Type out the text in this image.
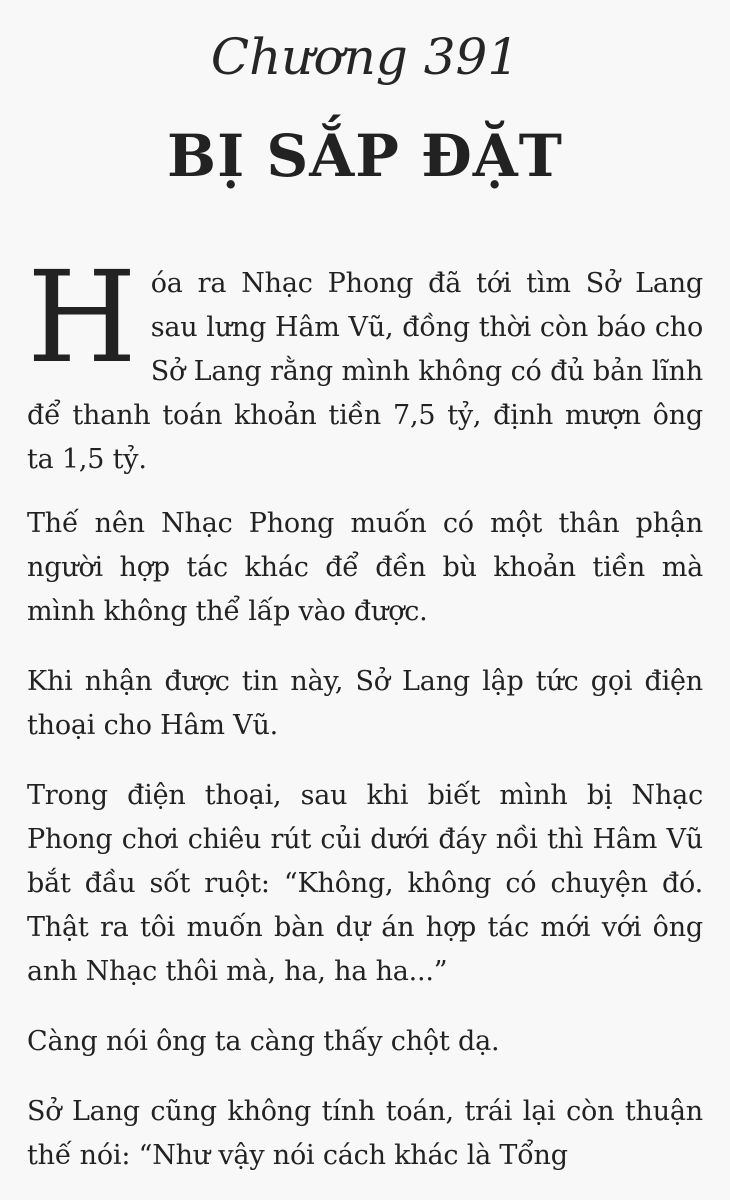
Chương 391
BỊ SẮP ĐẶT

Hóa ra Nhạc Phong đã tới tìm Sở Lang sau lưng Hâm Vũ, đồng thời còn báo cho Sở Lang rằng mình không có đủ bản lĩnh để thanh toán khoản tiền 7,5 tỷ, định mượn ông ta 1,5 tỷ.

Thế nên Nhạc Phong muốn có một thân phận người hợp tác khác để đền bù khoản tiền mà mình không thể lấp vào được.

Khi nhận được tin này, Sở Lang lập tức gọi điện thoại cho Hâm Vũ.

Trong điện thoại, sau khi biết mình bị Nhạc Phong chơi chiêu rút củi dưới đáy nồi thì Hâm Vũ bắt đầu sốt ruột: “Không, không có chuyện đó. Thật ra tôi muốn bàn dự án hợp tác mới với ông anh Nhạc thôi mà, ha, ha ha...”

Càng nói ông ta càng thấy chột dạ.

Sở Lang cũng không tính toán, trái lại còn thuận thế nói: “Như vậy nói cách khác là Tổng
